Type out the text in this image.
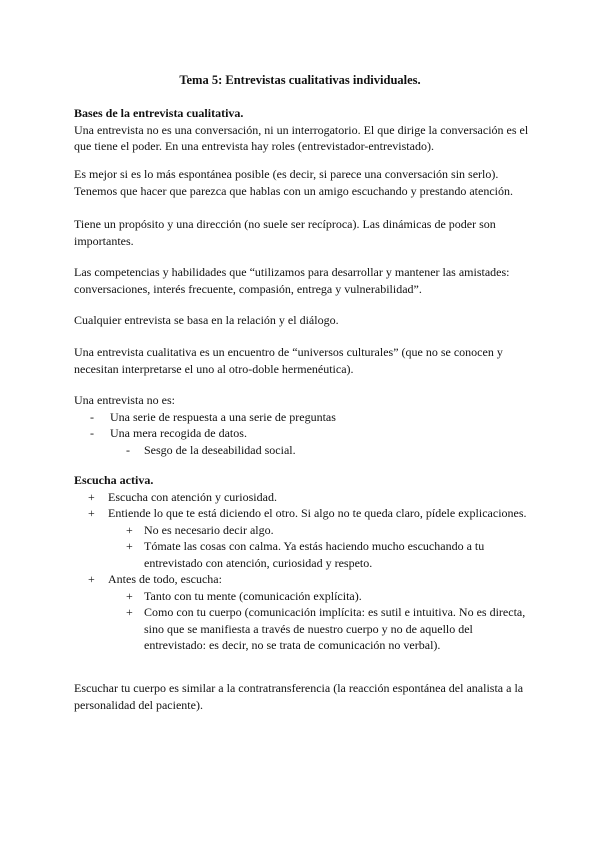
Tema 5: Entrevistas cualitativas individuales.

Bases de la entrevista cualitativa.

Una entrevista no es una conversación, ni un interrogatorio. El que dirige la conversación es el que tiene el poder. En una entrevista hay roles (entrevistador-entrevistado).

Es mejor si es lo más espontánea posible (es decir, si parece una conversación sin serlo). Tenemos que hacer que parezca que hablas con un amigo escuchando y prestando atención.

Tiene un propósito y una dirección (no suele ser recíproca). Las dinámicas de poder son importantes.

Las competencias y habilidades que “utilizamos para desarrollar y mantener las amistades: conversaciones, interés frecuente, compasión, entrega y vulnerabilidad”.

Cualquier entrevista se basa en la relación y el diálogo.

Una entrevista cualitativa es un encuentro de “universos culturales” (que no se conocen y necesitan interpretarse el uno al otro-doble hermenéutica).

Una entrevista no es:

-	Una serie de respuesta a una serie de preguntas
-	Una mera recogida de datos.
-	Sesgo de la deseabilidad social.

Escucha activa.

+	Escucha con atención y curiosidad.
+	Entiende lo que te está diciendo el otro. Si algo no te queda claro, pídele explicaciones.
+ No es necesario decir algo.
+ Tómate las cosas con calma. Ya estás haciendo mucho escuchando a tu entrevistado con atención, curiosidad y respeto.
+	Antes de todo, escucha:
+ Tanto con tu mente (comunicación explícita).
+ Como con tu cuerpo (comunicación implícita: es sutil e intuitiva. No es directa, sino que se manifiesta a través de nuestro cuerpo y no de aquello del entrevistado: es decir, no se trata de comunicación no verbal).

Escuchar tu cuerpo es similar a la contratransferencia (la reacción espontánea del analista a la personalidad del paciente).
